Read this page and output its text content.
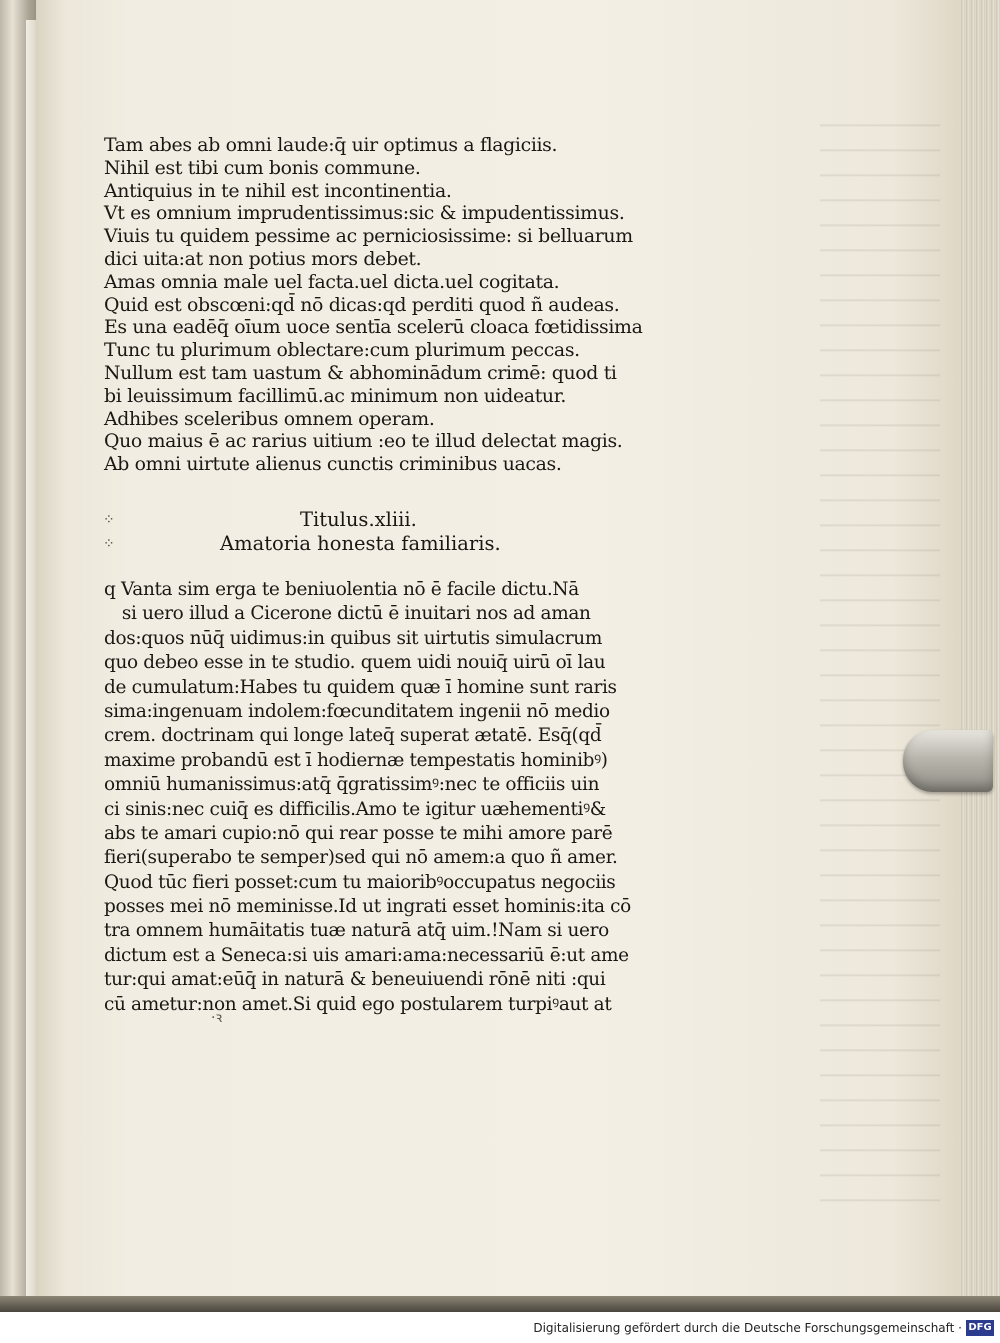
Tam abes ab omni laude:q̄ uir optimus a flagiciis.
Nihil est tibi cum bonis commune.
Antiquius in te nihil est incontinentia.
Vt es omnium imprudentissimus:sic & impudentissimus.
Viuis tu quidem pessime ac perniciosissime: si belluarum
dici uita:at non potius mors debet.
Amas omnia male uel facta.uel dicta.uel cogitata.
Quid est obscœni:qd̄ nō dicas:qd perditi quod ñ audeas.
Es una eadēq̄ oīum uoce sentīa scelerū cloaca fœtidissima
Tunc tu plurimum oblectare:cum plurimum peccas.
Nullum est tam uastum & abhominādum crimē: quod ti
bi leuissimum facillimū.ac minimum non uideatur.
Adhibes sceleribus omnem operam.
Quo maius ē ac rarius uitium :eo te illud delectat magis.
Ab omni uirtute alienus cunctis criminibus uacas.
⁘
⁘
Titulus.xliii.
Amatoria honesta familiaris.
q Vanta sim erga te beniuolentia nō ē facile dictu.Nā
si uero illud a Cicerone dictū ē inuitari nos ad aman
dos:quos nūq̄ uidimus:in quibus sit uirtutis simulacrum
quo debeo esse in te studio. quem uidi nouiq̄ uirū oī lau
de cumulatum:Habes tu quidem quæ ī homine sunt raris
sima:ingenuam indolem:fœcunditatem ingenii nō medio
crem. doctrinam qui longe lateq̄ superat ætatē. Esq̄(qd̄
maxime probandū est ī hodiernæ tempestatis hominibꝰ)
omniū humanissimus:atq̄ q̄gratissimꝰ:nec te officiis uin
ci sinis:nec cuiq̄ es difficilis.Amo te igitur uæhementiꝰ&
abs te amari cupio:nō qui rear posse te mihi amore parē
fieri(superabo te semper)sed qui nō amem:a quo ñ amer.
Quod tūc fieri posset:cum tu maioribꝰoccupatus negociis
posses mei nō meminisse.Id ut ingrati esset hominis:ita cō
tra omnem humāitatis tuæ naturā atq̄ uim.!Nam si uero
dictum est a Seneca:si uis amari:ama:necessariū ē:ut ame
tur:qui amat:eūq̄ in naturā & beneuiuendi rōnē niti :qui
cū ametur:non amet.Si quid ego postularem turpiꝰaut at
·ꝛ
Digitalisierung gefördert durch die Deutsche Forschungsgemeinschaft · DFG
